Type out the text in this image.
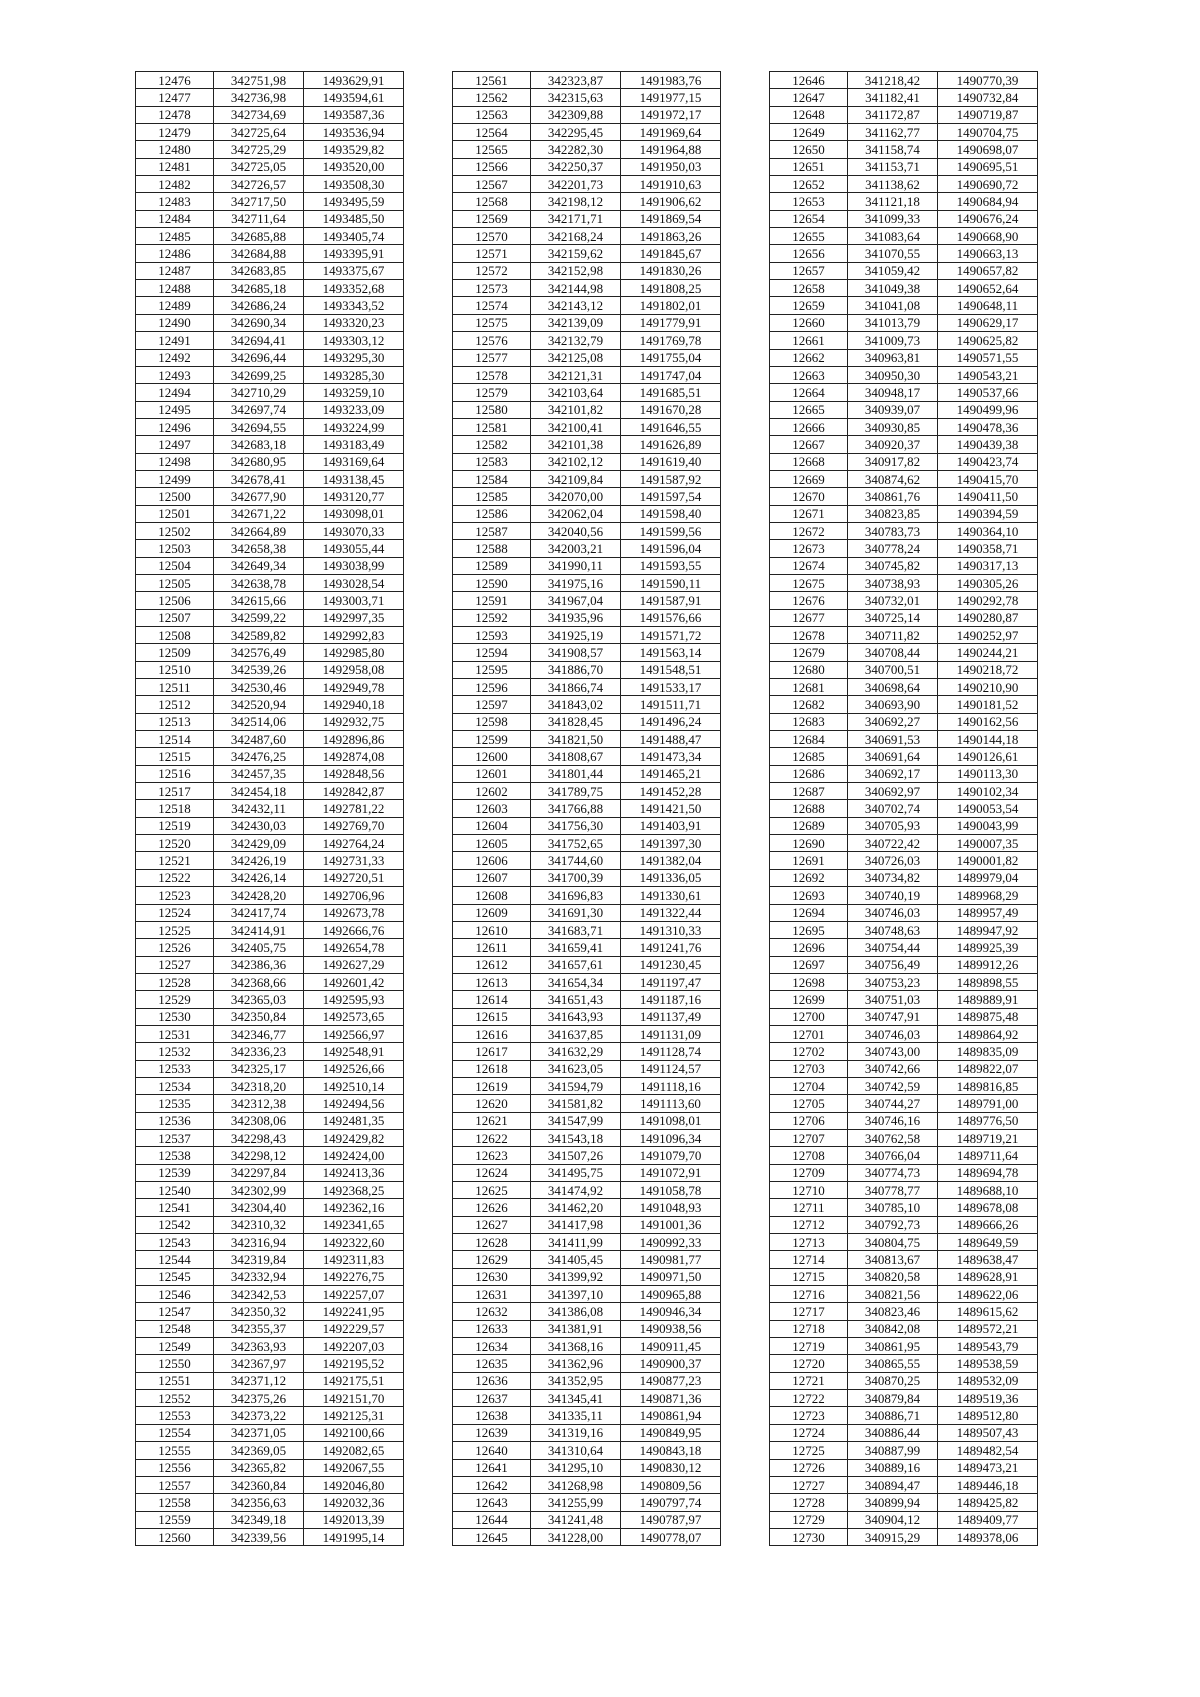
12476	342751,98	1493629,91
12477	342736,98	1493594,61
12478	342734,69	1493587,36
12479	342725,64	1493536,94
12480	342725,29	1493529,82
12481	342725,05	1493520,00
12482	342726,57	1493508,30
12483	342717,50	1493495,59
12484	342711,64	1493485,50
12485	342685,88	1493405,74
12486	342684,88	1493395,91
12487	342683,85	1493375,67
12488	342685,18	1493352,68
12489	342686,24	1493343,52
12490	342690,34	1493320,23
12491	342694,41	1493303,12
12492	342696,44	1493295,30
12493	342699,25	1493285,30
12494	342710,29	1493259,10
12495	342697,74	1493233,09
12496	342694,55	1493224,99
12497	342683,18	1493183,49
12498	342680,95	1493169,64
12499	342678,41	1493138,45
12500	342677,90	1493120,77
12501	342671,22	1493098,01
12502	342664,89	1493070,33
12503	342658,38	1493055,44
12504	342649,34	1493038,99
12505	342638,78	1493028,54
12506	342615,66	1493003,71
12507	342599,22	1492997,35
12508	342589,82	1492992,83
12509	342576,49	1492985,80
12510	342539,26	1492958,08
12511	342530,46	1492949,78
12512	342520,94	1492940,18
12513	342514,06	1492932,75
12514	342487,60	1492896,86
12515	342476,25	1492874,08
12516	342457,35	1492848,56
12517	342454,18	1492842,87
12518	342432,11	1492781,22
12519	342430,03	1492769,70
12520	342429,09	1492764,24
12521	342426,19	1492731,33
12522	342426,14	1492720,51
12523	342428,20	1492706,96
12524	342417,74	1492673,78
12525	342414,91	1492666,76
12526	342405,75	1492654,78
12527	342386,36	1492627,29
12528	342368,66	1492601,42
12529	342365,03	1492595,93
12530	342350,84	1492573,65
12531	342346,77	1492566,97
12532	342336,23	1492548,91
12533	342325,17	1492526,66
12534	342318,20	1492510,14
12535	342312,38	1492494,56
12536	342308,06	1492481,35
12537	342298,43	1492429,82
12538	342298,12	1492424,00
12539	342297,84	1492413,36
12540	342302,99	1492368,25
12541	342304,40	1492362,16
12542	342310,32	1492341,65
12543	342316,94	1492322,60
12544	342319,84	1492311,83
12545	342332,94	1492276,75
12546	342342,53	1492257,07
12547	342350,32	1492241,95
12548	342355,37	1492229,57
12549	342363,93	1492207,03
12550	342367,97	1492195,52
12551	342371,12	1492175,51
12552	342375,26	1492151,70
12553	342373,22	1492125,31
12554	342371,05	1492100,66
12555	342369,05	1492082,65
12556	342365,82	1492067,55
12557	342360,84	1492046,80
12558	342356,63	1492032,36
12559	342349,18	1492013,39
12560	342339,56	1491995,14
12561	342323,87	1491983,76
12562	342315,63	1491977,15
12563	342309,88	1491972,17
12564	342295,45	1491969,64
12565	342282,30	1491964,88
12566	342250,37	1491950,03
12567	342201,73	1491910,63
12568	342198,12	1491906,62
12569	342171,71	1491869,54
12570	342168,24	1491863,26
12571	342159,62	1491845,67
12572	342152,98	1491830,26
12573	342144,98	1491808,25
12574	342143,12	1491802,01
12575	342139,09	1491779,91
12576	342132,79	1491769,78
12577	342125,08	1491755,04
12578	342121,31	1491747,04
12579	342103,64	1491685,51
12580	342101,82	1491670,28
12581	342100,41	1491646,55
12582	342101,38	1491626,89
12583	342102,12	1491619,40
12584	342109,84	1491587,92
12585	342070,00	1491597,54
12586	342062,04	1491598,40
12587	342040,56	1491599,56
12588	342003,21	1491596,04
12589	341990,11	1491593,55
12590	341975,16	1491590,11
12591	341967,04	1491587,91
12592	341935,96	1491576,66
12593	341925,19	1491571,72
12594	341908,57	1491563,14
12595	341886,70	1491548,51
12596	341866,74	1491533,17
12597	341843,02	1491511,71
12598	341828,45	1491496,24
12599	341821,50	1491488,47
12600	341808,67	1491473,34
12601	341801,44	1491465,21
12602	341789,75	1491452,28
12603	341766,88	1491421,50
12604	341756,30	1491403,91
12605	341752,65	1491397,30
12606	341744,60	1491382,04
12607	341700,39	1491336,05
12608	341696,83	1491330,61
12609	341691,30	1491322,44
12610	341683,71	1491310,33
12611	341659,41	1491241,76
12612	341657,61	1491230,45
12613	341654,34	1491197,47
12614	341651,43	1491187,16
12615	341643,93	1491137,49
12616	341637,85	1491131,09
12617	341632,29	1491128,74
12618	341623,05	1491124,57
12619	341594,79	1491118,16
12620	341581,82	1491113,60
12621	341547,99	1491098,01
12622	341543,18	1491096,34
12623	341507,26	1491079,70
12624	341495,75	1491072,91
12625	341474,92	1491058,78
12626	341462,20	1491048,93
12627	341417,98	1491001,36
12628	341411,99	1490992,33
12629	341405,45	1490981,77
12630	341399,92	1490971,50
12631	341397,10	1490965,88
12632	341386,08	1490946,34
12633	341381,91	1490938,56
12634	341368,16	1490911,45
12635	341362,96	1490900,37
12636	341352,95	1490877,23
12637	341345,41	1490871,36
12638	341335,11	1490861,94
12639	341319,16	1490849,95
12640	341310,64	1490843,18
12641	341295,10	1490830,12
12642	341268,98	1490809,56
12643	341255,99	1490797,74
12644	341241,48	1490787,97
12645	341228,00	1490778,07
12646	341218,42	1490770,39
12647	341182,41	1490732,84
12648	341172,87	1490719,87
12649	341162,77	1490704,75
12650	341158,74	1490698,07
12651	341153,71	1490695,51
12652	341138,62	1490690,72
12653	341121,18	1490684,94
12654	341099,33	1490676,24
12655	341083,64	1490668,90
12656	341070,55	1490663,13
12657	341059,42	1490657,82
12658	341049,38	1490652,64
12659	341041,08	1490648,11
12660	341013,79	1490629,17
12661	341009,73	1490625,82
12662	340963,81	1490571,55
12663	340950,30	1490543,21
12664	340948,17	1490537,66
12665	340939,07	1490499,96
12666	340930,85	1490478,36
12667	340920,37	1490439,38
12668	340917,82	1490423,74
12669	340874,62	1490415,70
12670	340861,76	1490411,50
12671	340823,85	1490394,59
12672	340783,73	1490364,10
12673	340778,24	1490358,71
12674	340745,82	1490317,13
12675	340738,93	1490305,26
12676	340732,01	1490292,78
12677	340725,14	1490280,87
12678	340711,82	1490252,97
12679	340708,44	1490244,21
12680	340700,51	1490218,72
12681	340698,64	1490210,90
12682	340693,90	1490181,52
12683	340692,27	1490162,56
12684	340691,53	1490144,18
12685	340691,64	1490126,61
12686	340692,17	1490113,30
12687	340692,97	1490102,34
12688	340702,74	1490053,54
12689	340705,93	1490043,99
12690	340722,42	1490007,35
12691	340726,03	1490001,82
12692	340734,82	1489979,04
12693	340740,19	1489968,29
12694	340746,03	1489957,49
12695	340748,63	1489947,92
12696	340754,44	1489925,39
12697	340756,49	1489912,26
12698	340753,23	1489898,55
12699	340751,03	1489889,91
12700	340747,91	1489875,48
12701	340746,03	1489864,92
12702	340743,00	1489835,09
12703	340742,66	1489822,07
12704	340742,59	1489816,85
12705	340744,27	1489791,00
12706	340746,16	1489776,50
12707	340762,58	1489719,21
12708	340766,04	1489711,64
12709	340774,73	1489694,78
12710	340778,77	1489688,10
12711	340785,10	1489678,08
12712	340792,73	1489666,26
12713	340804,75	1489649,59
12714	340813,67	1489638,47
12715	340820,58	1489628,91
12716	340821,56	1489622,06
12717	340823,46	1489615,62
12718	340842,08	1489572,21
12719	340861,95	1489543,79
12720	340865,55	1489538,59
12721	340870,25	1489532,09
12722	340879,84	1489519,36
12723	340886,71	1489512,80
12724	340886,44	1489507,43
12725	340887,99	1489482,54
12726	340889,16	1489473,21
12727	340894,47	1489446,18
12728	340899,94	1489425,82
12729	340904,12	1489409,77
12730	340915,29	1489378,06
